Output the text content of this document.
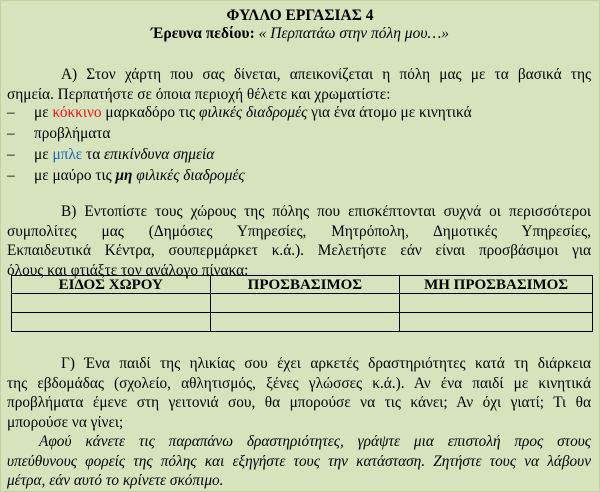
ΦΥΛΛΟ ΕΡΓΑΣΙΑΣ 4
Έρευνα πεδίου: « Περπατάω στην πόλη μου…»
Α) Στον χάρτη που σας δίνεται, απεικονίζεται η πόλη μας με τα βασικά της
σημεία. Περπατήστε σε όποια περιοχή θέλετε και χρωματίστε:
–	με κόκκινο μαρκαδόρο τις φιλικές διαδρομές για ένα άτομο με κινητικά
–	προβλήματα
–	με μπλε τα επικίνδυνα σημεία
–	με μαύρο τις μη φιλικές διαδρομές
Β) Εντοπίστε τους χώρους της πόλης που επισκέπτονται συχνά οι περισσότεροι
συμπολίτες μας (Δημόσιες Υπηρεσίες, Μητρόπολη, Δημοτικές Υπηρεσίες,
Εκπαιδευτικά Κέντρα, σουπερμάρκετ κ.ά.). Μελετήστε εάν είναι προσβάσιμοι για
όλους και φτιάξτε τον ανάλογο πίνακα:
ΕΙΔΟΣ ΧΩΡΟΥ	ΠΡΟΣΒΑΣΙΜΟΣ	ΜΗ ΠΡΟΣΒΑΣΙΜΟΣ

Γ) Ένα παιδί της ηλικίας σου έχει αρκετές δραστηριότητες κατά τη διάρκεια
της εβδομάδας (σχολείο, αθλητισμός, ξένες γλώσσες κ.ά.). Αν ένα παιδί με κινητικά
προβλήματα έμενε στη γειτονιά σου, θα μπορούσε να τις κάνει; Αν όχι γιατί; Τι θα
μπορούσε να γίνει;
Αφού κάνετε τις παραπάνω δραστηριότητες, γράψτε μια επιστολή προς στους
υπεύθυνους φορείς της πόλης και εξηγήστε τους την κατάσταση. Ζητήστε τους να λάβουν
μέτρα, εάν αυτό το κρίνετε σκόπιμο.
